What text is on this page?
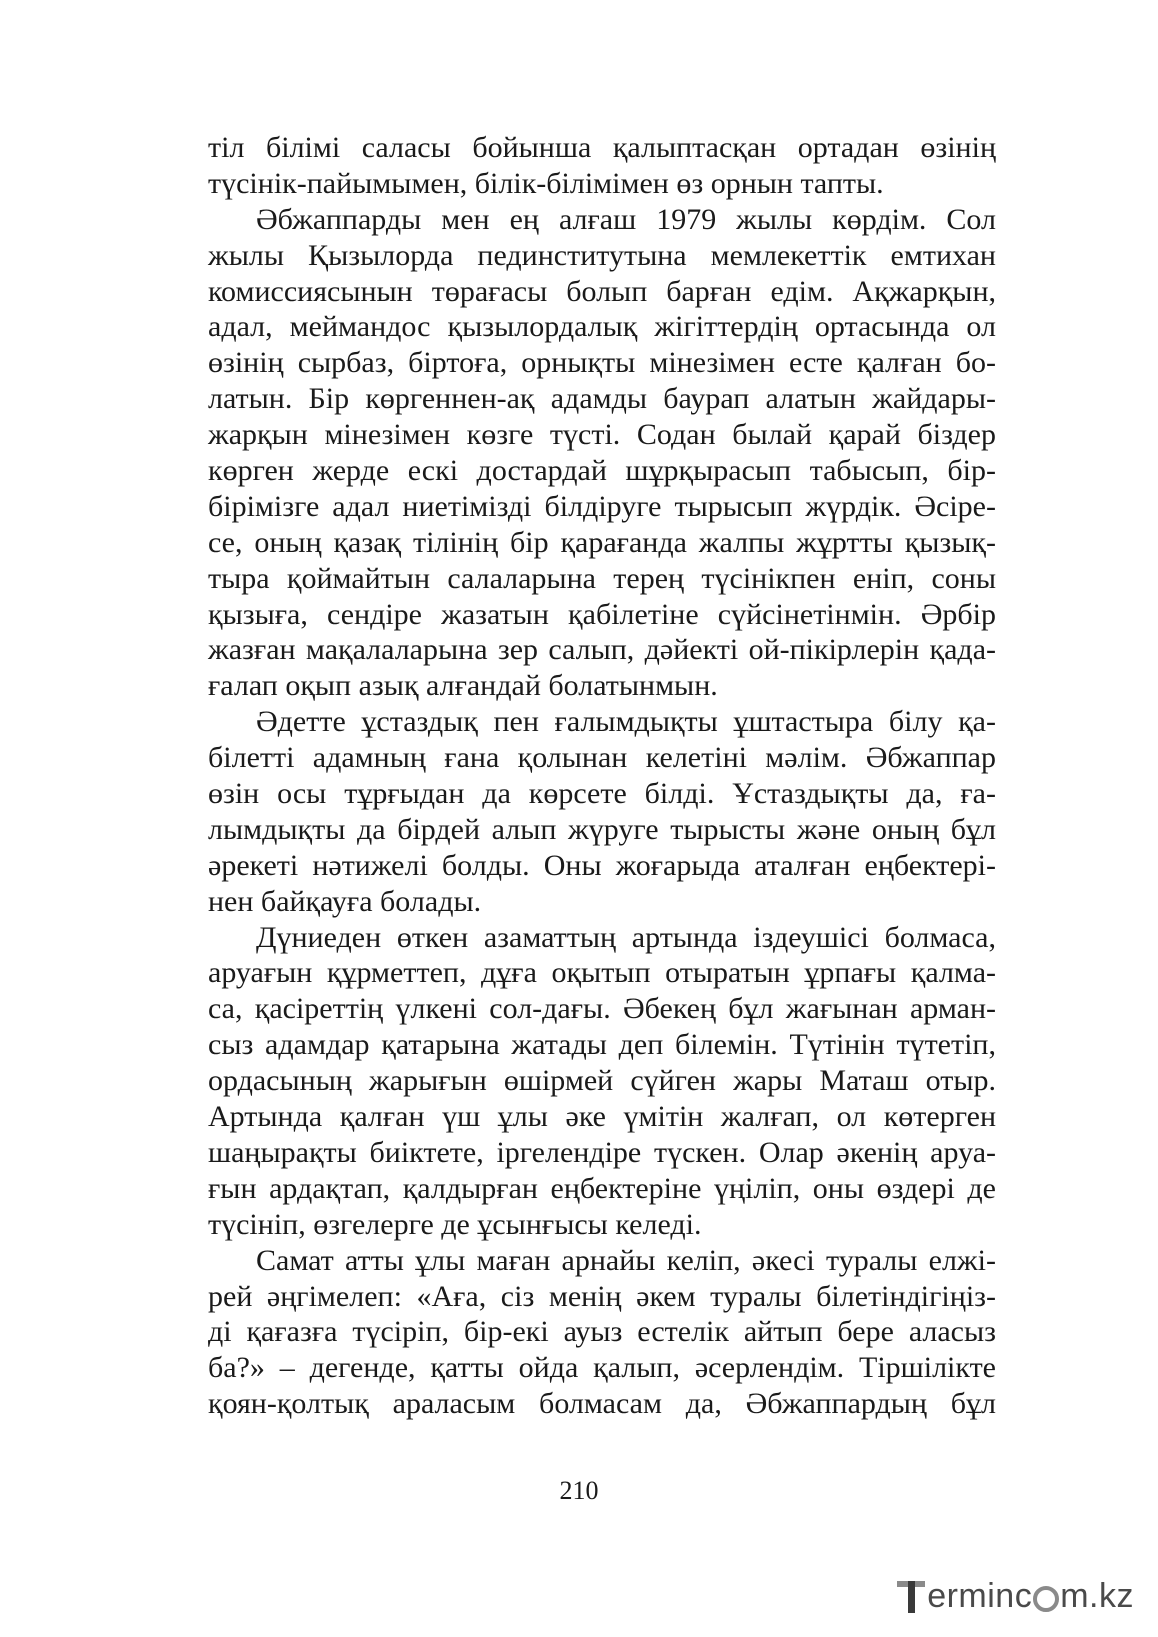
тіл білімі саласы бойынша қалыптасқан ортадан өзінің
түсінік-пайымымен, білік-білімімен өз орнын тапты.
Әбжаппарды мен ең алғаш 1979 жылы көрдім. Сол
жылы Қызылорда пединститутына мемлекеттік емтихан
комиссиясынын төрағасы болып барған едім. Ақжарқын,
адал, меймандос қызылордалық жігіттердің ортасында ол
өзінің сырбаз, біртоға, орнықты мінезімен есте қалған бо-
латын. Бір көргеннен-ақ адамды баурап алатын жайдары-
жарқын мінезімен көзге түсті. Содан былай қарай біздер
көрген жерде ескі достардай шұрқырасып табысып, бір-
бірімізге адал ниетімізді білдіруге тырысып жүрдік. Әсіре-
се, оның қазақ тілінің бір қарағанда жалпы жұртты қызық-
тыра қоймайтын салаларына терең түсінікпен еніп, соны
қызыға, сендіре жазатын қабілетіне сүйсінетінмін. Әрбір
жазған мақалаларына зер салып, дәйекті ой-пікірлерін қада-
ғалап оқып азық алғандай болатынмын.
Әдетте ұстаздық пен ғалымдықты ұштастыра білу қа-
білетті адамның ғана қолынан келетіні мәлім. Әбжаппар
өзін осы тұрғыдан да көрсете білді. Ұстаздықты да, ға-
лымдықты да бірдей алып жүруге тырысты және оның бұл
әрекеті нәтижелі болды. Оны жоғарыда аталған еңбектері-
нен байқауға болады.
Дүниеден өткен азаматтың артында іздеушісі болмаса,
аруағын құрметтеп, дұға оқытып отыратын ұрпағы қалма-
са, қасіреттің үлкені сол-дағы. Әбекең бұл жағынан арман-
сыз адамдар қатарына жатады деп білемін. Түтінін түтетіп,
ордасының жарығын өшірмей сүйген жары Маташ отыр.
Артында қалған үш ұлы әке үмітін жалғап, ол көтерген
шаңырақты биіктете, іргелендіре түскен. Олар әкенің аруа-
ғын ардақтап, қалдырған еңбектеріне үңіліп, оны өздері де
түсініп, өзгелерге де ұсынғысы келеді.
Самат атты ұлы маған арнайы келіп, әкесі туралы елжі-
рей әңгімелеп: «Аға, сіз менің әкем туралы білетіндігіңіз-
ді қағазға түсіріп, бір-екі ауыз естелік айтып бере аласыз
ба?» – дегенде, қатты ойда қалып, әсерлендім. Тіршілікте
қоян-қолтық араласым болмасам да, Әбжаппардың бұл
210
ermin c m.kz
